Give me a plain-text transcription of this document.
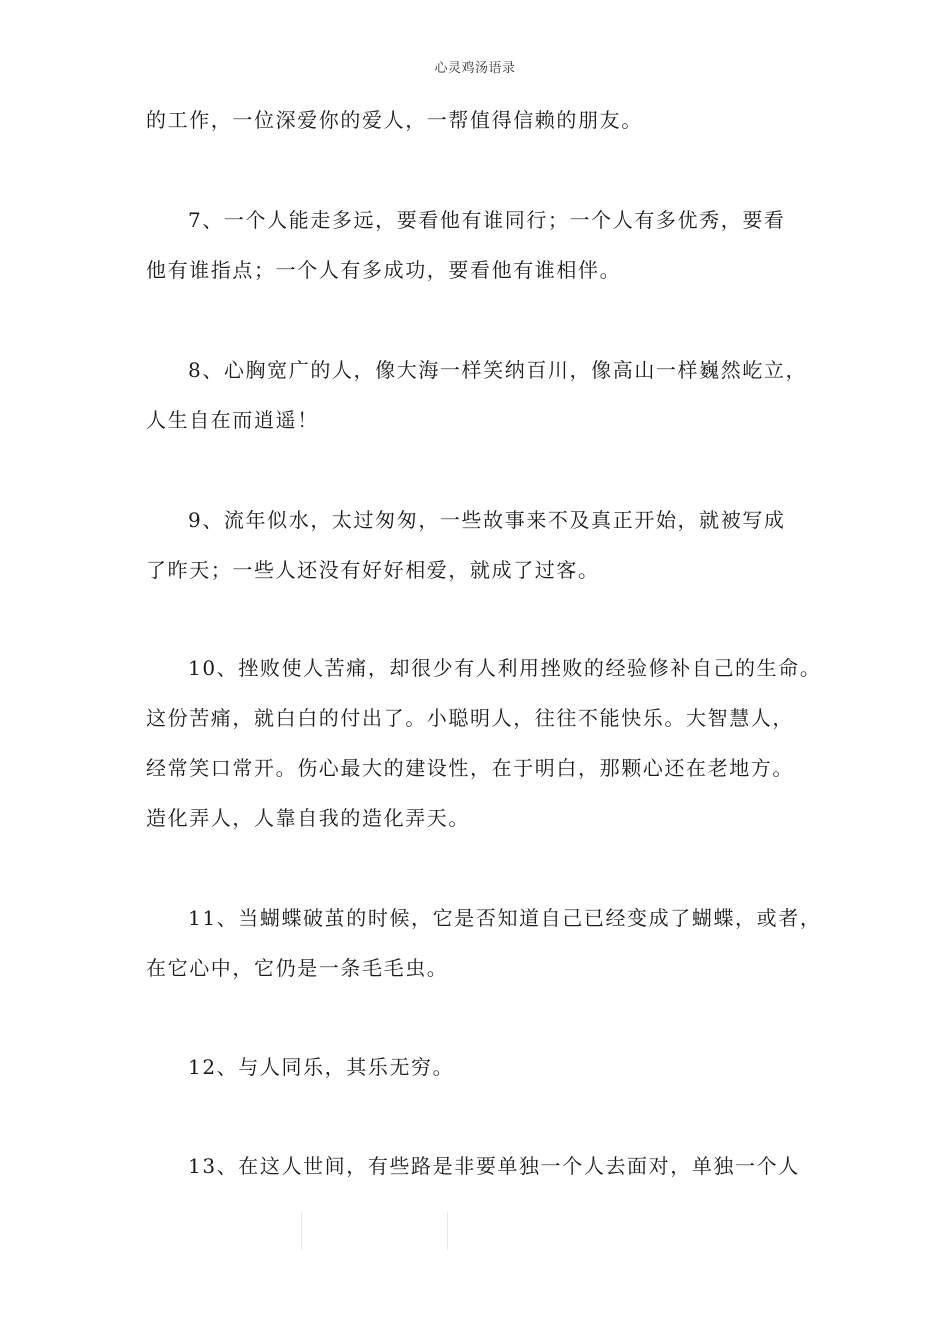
心灵鸡汤语录

的工作，一位深爱你的爱人，一帮值得信赖的朋友。

7、一个人能走多远，要看他有谁同行；一个人有多优秀，要看
他有谁指点；一个人有多成功，要看他有谁相伴。

8、心胸宽广的人，像大海一样笑纳百川，像高山一样巍然屹立，
人生自在而逍遥！

9、流年似水，太过匆匆，一些故事来不及真正开始，就被写成
了昨天；一些人还没有好好相爱，就成了过客。

10、挫败使人苦痛，却很少有人利用挫败的经验修补自己的生命。
这份苦痛，就白白的付出了。小聪明人，往往不能快乐。大智慧人，
经常笑口常开。伤心最大的建设性，在于明白，那颗心还在老地方。
造化弄人，人靠自我的造化弄天。

11、当蝴蝶破茧的时候，它是否知道自己已经变成了蝴蝶，或者，
在它心中，它仍是一条毛毛虫。

12、与人同乐，其乐无穷。

13、在这人世间，有些路是非要单独一个人去面对，单独一个人
